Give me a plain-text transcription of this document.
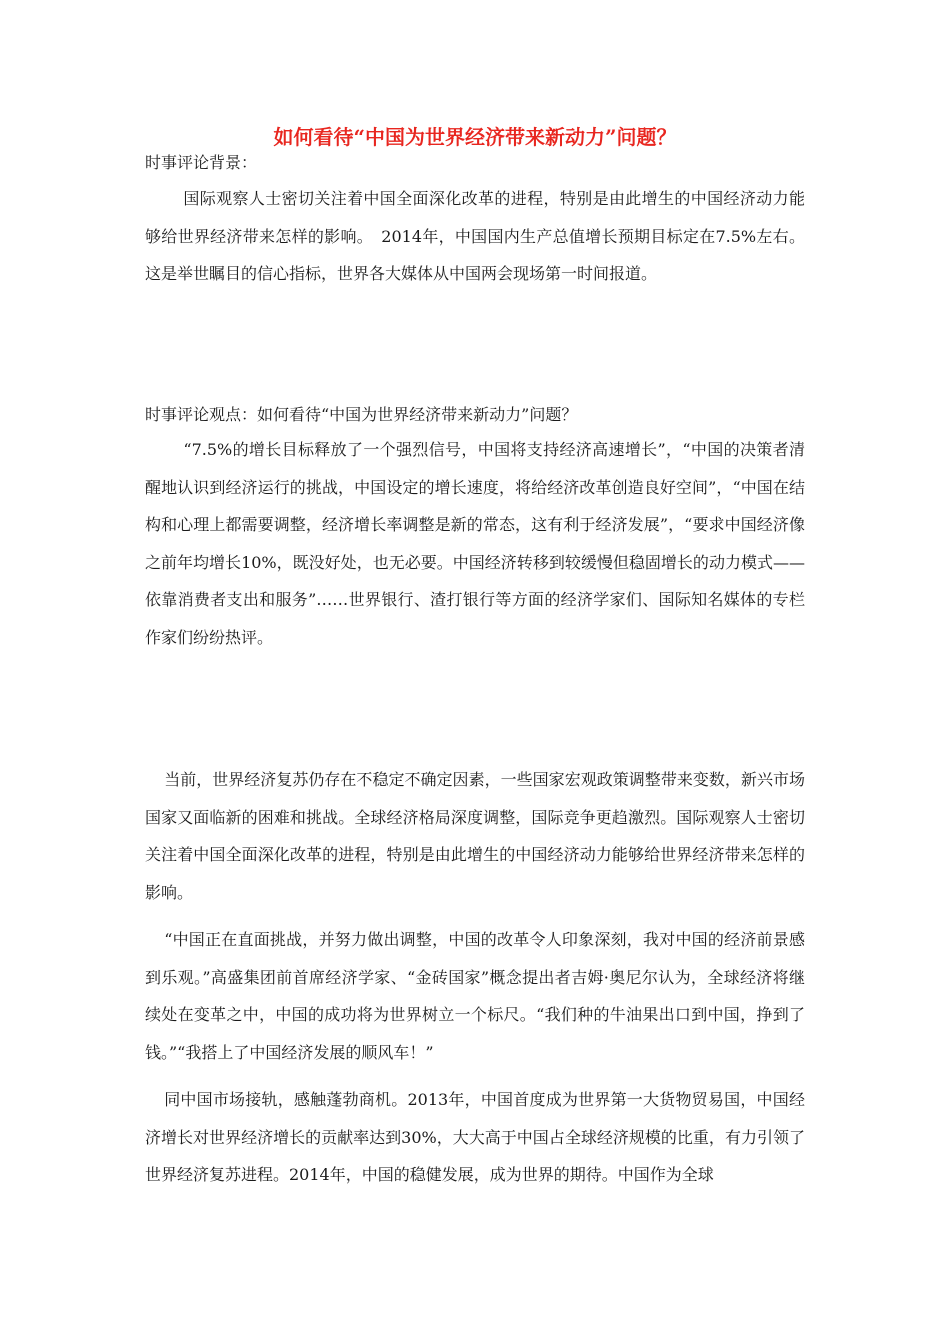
如何看待“中国为世界经济带来新动力”问题？

时事评论背景：

国际观察人士密切关注着中国全面深化改革的进程，特别是由此增生的中国经济动力能够给世界经济带来怎样的影响。　2014年，中国国内生产总值增长预期目标定在7.5%左右。这是举世瞩目的信心指标，世界各大媒体从中国两会现场第一时间报道。

时事评论观点：如何看待“中国为世界经济带来新动力”问题？

“7.5%的增长目标释放了一个强烈信号，中国将支持经济高速增长”，“中国的决策者清醒地认识到经济运行的挑战，中国设定的增长速度，将给经济改革创造良好空间”，“中国在结构和心理上都需要调整，经济增长率调整是新的常态，这有利于经济发展”，“要求中国经济像之前年均增长10%，既没好处，也无必要。中国经济转移到较缓慢但稳固增长的动力模式——依靠消费者支出和服务”……世界银行、渣打银行等方面的经济学家们、国际知名媒体的专栏作家们纷纷热评。

当前，世界经济复苏仍存在不稳定不确定因素，一些国家宏观政策调整带来变数，新兴市场国家又面临新的困难和挑战。全球经济格局深度调整，国际竞争更趋激烈。国际观察人士密切关注着中国全面深化改革的进程，特别是由此增生的中国经济动力能够给世界经济带来怎样的影响。

“中国正在直面挑战，并努力做出调整，中国的改革令人印象深刻，我对中国的经济前景感到乐观。”高盛集团前首席经济学家、“金砖国家”概念提出者吉姆·奥尼尔认为，全球经济将继续处在变革之中，中国的成功将为世界树立一个标尺。“我们种的牛油果出口到中国，挣到了钱。”“我搭上了中国经济发展的顺风车！”

同中国市场接轨，感触蓬勃商机。2013年，中国首度成为世界第一大货物贸易国，中国经济增长对世界经济增长的贡献率达到30%，大大高于中国占全球经济规模的比重，有力引领了世界经济复苏进程。2014年，中国的稳健发展，成为世界的期待。中国作为全球
